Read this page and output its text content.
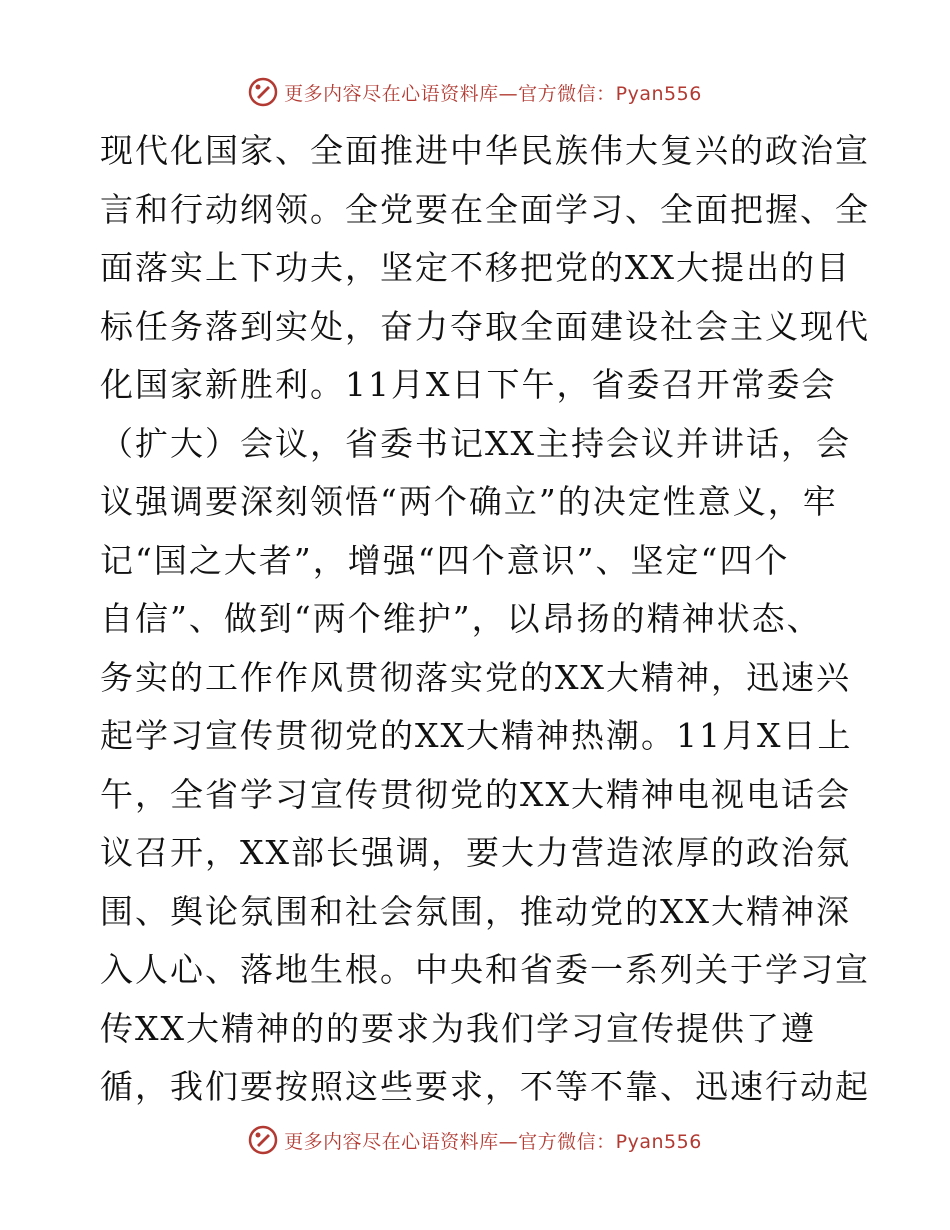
更多内容尽在心语资料库—官方微信：Pyan556
现代化国家、全面推进中华民族伟大复兴的政治宣
言和行动纲领。全党要在全面学习、全面把握、全
面落实上下功夫，坚定不移把党的XX大提出的目
标任务落到实处，奋力夺取全面建设社会主义现代
化国家新胜利。11月X日下午，省委召开常委会
（扩大）会议，省委书记XX主持会议并讲话，会
议强调要深刻领悟“两个确立”的决定性意义，牢
记“国之大者”，增强“四个意识”、坚定“四个
自信”、做到“两个维护”，以昂扬的精神状态、
务实的工作作风贯彻落实党的XX大精神，迅速兴
起学习宣传贯彻党的XX大精神热潮。11月X日上
午，全省学习宣传贯彻党的XX大精神电视电话会
议召开，XX部长强调，要大力营造浓厚的政治氛
围、舆论氛围和社会氛围，推动党的XX大精神深
入人心、落地生根。中央和省委一系列关于学习宣
传XX大精神的的要求为我们学习宣传提供了遵
循，我们要按照这些要求，不等不靠、迅速行动起
更多内容尽在心语资料库—官方微信：Pyan556
